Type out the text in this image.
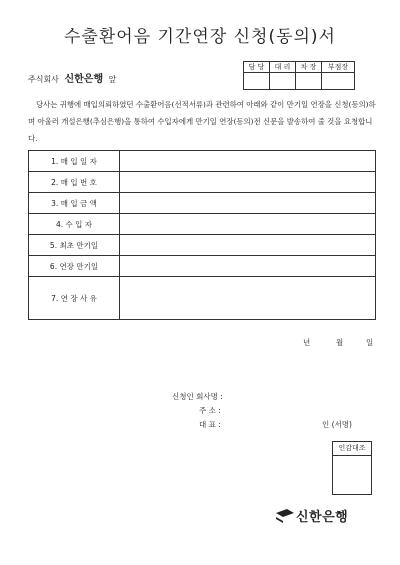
수출환어음 기간연장 신청(동의)서
주식회사 신한은행 앞
담 당	대 리	차 장	부점장

당사는 귀행에 매입의뢰하였던 수출환어음(선적서류)과 관련하여 아래와 같이 만기일 연장을 신청(동의)하며 아울러 개설은행(추심은행)을 통하여 수입자에게 만기일 연장(동의)전 신문을 발송하여 줄 것을 요청합니다.
1. 매 입 일 자	
2. 매 입 번 호	
3. 매 입 금 액	
4. 수 입 자	
5. 최초 만기일	
6. 연장 만기일	
7. 연 장 사 유	
년	월	일
신청인 회사명 :
주 소 :
대 표 :	인 (서명)
인감대조
신한은행
